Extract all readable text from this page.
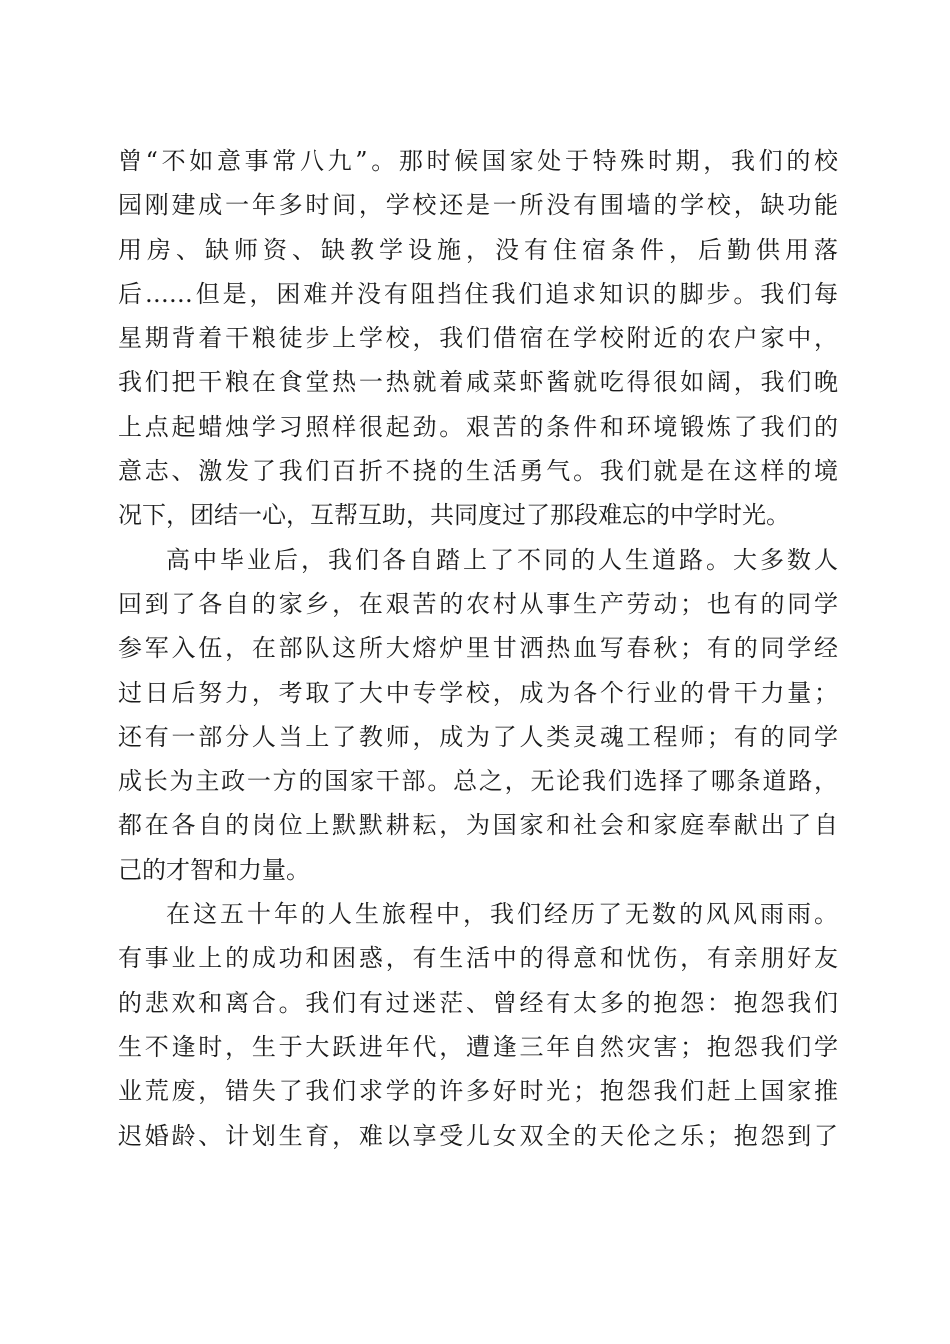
曾“不如意事常八九”。那时候国家处于特殊时期，我们的校
园刚建成一年多时间，学校还是一所没有围墙的学校，缺功能
用房、缺师资、缺教学设施，没有住宿条件，后勤供用落
后……但是，困难并没有阻挡住我们追求知识的脚步。我们每
星期背着干粮徒步上学校，我们借宿在学校附近的农户家中，
我们把干粮在食堂热一热就着咸菜虾酱就吃得很如阔，我们晚
上点起蜡烛学习照样很起劲。艰苦的条件和环境锻炼了我们的
意志、激发了我们百折不挠的生活勇气。我们就是在这样的境
况下，团结一心，互帮互助，共同度过了那段难忘的中学时光。
高中毕业后，我们各自踏上了不同的人生道路。大多数人
回到了各自的家乡，在艰苦的农村从事生产劳动；也有的同学
参军入伍，在部队这所大熔炉里甘洒热血写春秋；有的同学经
过日后努力，考取了大中专学校，成为各个行业的骨干力量；
还有一部分人当上了教师，成为了人类灵魂工程师；有的同学
成长为主政一方的国家干部。总之，无论我们选择了哪条道路，
都在各自的岗位上默默耕耘，为国家和社会和家庭奉献出了自
己的才智和力量。
在这五十年的人生旅程中，我们经历了无数的风风雨雨。
有事业上的成功和困惑，有生活中的得意和忧伤，有亲朋好友
的悲欢和离合。我们有过迷茫、曾经有太多的抱怨：抱怨我们
生不逢时，生于大跃进年代，遭逢三年自然灾害；抱怨我们学
业荒废，错失了我们求学的许多好时光；抱怨我们赶上国家推
迟婚龄、计划生育，难以享受儿女双全的天伦之乐；抱怨到了
